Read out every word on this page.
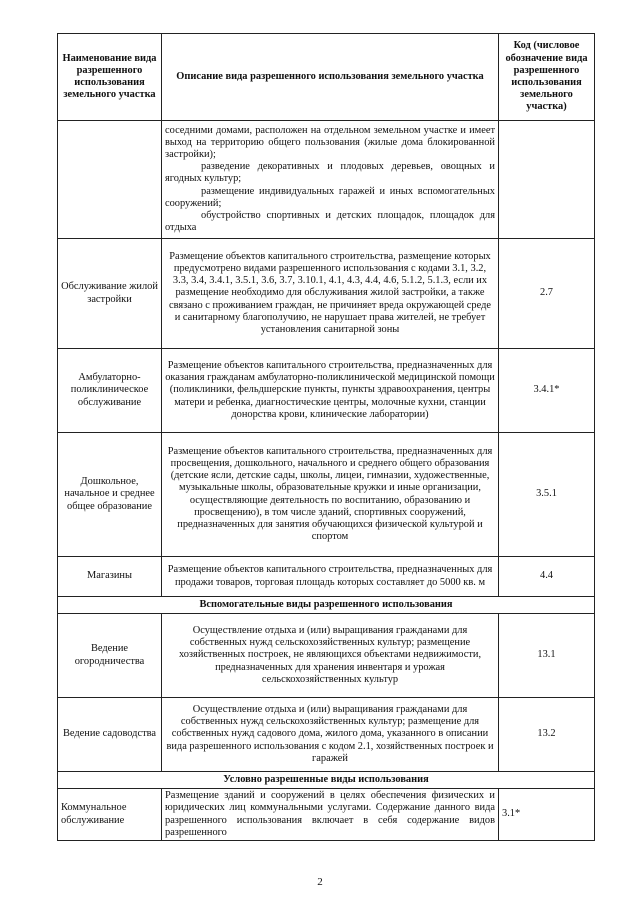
Наименование вида разрешенного использования земельного участка	Описание вида разрешенного использования земельного участка	Код (числовое обозначение вида разрешенного использования земельного участка)

	соседними домами, расположен на отдельном земельном участке и имеет выход на территорию общего пользования (жилые дома блокированной застройки);
разведение декоративных и плодовых деревьев, овощных и ягодных культур;
размещение индивидуальных гаражей и иных вспомогательных сооружений;
обустройство спортивных и детских площадок, площадок для отдыха	

Обслуживание жилой застройки	Размещение объектов капитального строительства, размещение которых предусмотрено видами разрешенного использования с кодами 3.1, 3.2, 3.3, 3.4, 3.4.1, 3.5.1, 3.6, 3.7, 3.10.1, 4.1, 4.3, 4.4, 4.6, 5.1.2, 5.1.3, если их размещение необходимо для обслуживания жилой застройки, а также связано с проживанием граждан, не причиняет вреда окружающей среде и санитарному благополучию, не нарушает права жителей, не требует установления санитарной зоны	2.7
Амбулаторно-поликлиническое обслуживание	Размещение объектов капитального строительства, предназначенных для оказания гражданам амбулаторно-поликлинической медицинской помощи (поликлиники, фельдшерские пункты, пункты здравоохранения, центры матери и ребенка, диагностические центры, молочные кухни, станции донорства крови, клинические лаборатории)	3.4.1*
Дошкольное, начальное и среднее общее образование	Размещение объектов капитального строительства, предназначенных для просвещения, дошкольного, начального и среднего общего образования (детские ясли, детские сады, школы, лицеи, гимназии, художественные, музыкальные школы, образовательные кружки и иные организации, осуществляющие деятельность по воспитанию, образованию и просвещению), в том числе зданий, спортивных сооружений, предназначенных для занятия обучающихся физической культурой и спортом	3.5.1
Магазины	Размещение объектов капитального строительства, предназначенных для продажи товаров, торговая площадь которых составляет до 5000 кв. м	4.4
Вспомогательные виды разрешенного использования		
Ведение огородничества	Осуществление отдыха и (или) выращивания гражданами для собственных нужд сельскохозяйственных культур; размещение хозяйственных построек, не являющихся объектами недвижимости, предназначенных для хранения инвентаря и урожая сельскохозяйственных культур	13.1
Ведение садоводства	Осуществление отдыха и (или) выращивания гражданами для собственных нужд сельскохозяйственных культур; размещение для собственных нужд садового дома, жилого дома, указанного в описании вида разрешенного использования с кодом 2.1, хозяйственных построек и гаражей	13.2
Условно разрешенные виды использования		
Коммунальное обслуживание	Размещение зданий и сооружений в целях обеспечения физических и юридических лиц коммунальными услугами. Содержание данного вида разрешенного использования включает в себя содержание видов разрешенного	3.1*
2
